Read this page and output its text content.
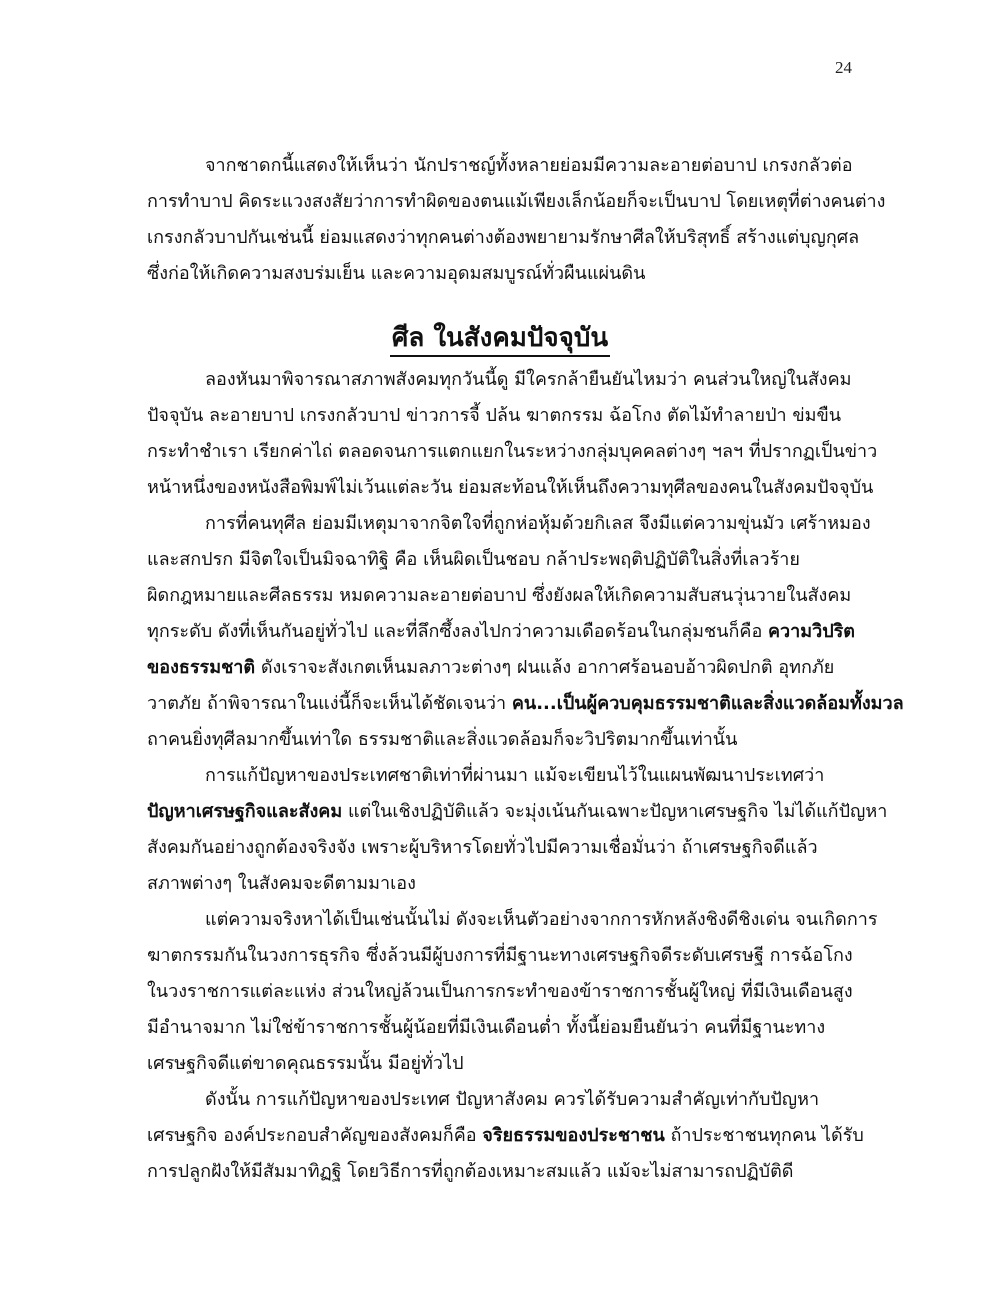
24
จากชาดกนี้แสดงให้เห็นว่า นักปราชญ์ทั้งหลายย่อมมีความละอายต่อบาป เกรงกลัวต่อ
การทำบาป คิดระแวงสงสัยว่าการทำผิดของตนแม้เพียงเล็กน้อยก็จะเป็นบาป โดยเหตุที่ต่างคนต่าง
เกรงกลัวบาปกันเช่นนี้ ย่อมแสดงว่าทุกคนต่างต้องพยายามรักษาศีลให้บริสุทธิ์ สร้างแต่บุญกุศล
ซึ่งก่อให้เกิดความสงบร่มเย็น และความอุดมสมบูรณ์ทั่วผืนแผ่นดิน
ศีล ในสังคมปัจจุบัน
ลองหันมาพิจารณาสภาพสังคมทุกวันนี้ดู มีใครกล้ายืนยันไหมว่า คนส่วนใหญ่ในสังคม
ปัจจุบัน ละอายบาป เกรงกลัวบาป ข่าวการจี้ ปล้น ฆาตกรรม ฉ้อโกง ตัดไม้ทำลายป่า ข่มขืน
กระทำชำเรา เรียกค่าไถ่ ตลอดจนการแตกแยกในระหว่างกลุ่มบุคคลต่างๆ ฯลฯ ที่ปรากฏเป็นข่าว
หน้าหนึ่งของหนังสือพิมพ์ไม่เว้นแต่ละวัน ย่อมสะท้อนให้เห็นถึงความทุศีลของคนในสังคมปัจจุบัน
การที่คนทุศีล ย่อมมีเหตุมาจากจิตใจที่ถูกห่อหุ้มด้วยกิเลส จึงมีแต่ความขุ่นมัว เศร้าหมอง
และสกปรก มีจิตใจเป็นมิจฉาทิฐิ คือ เห็นผิดเป็นชอบ กล้าประพฤติปฏิบัติในสิ่งที่เลวร้าย
ผิดกฎหมายและศีลธรรม หมดความละอายต่อบาป ซึ่งยังผลให้เกิดความสับสนวุ่นวายในสังคม
ทุกระดับ ดังที่เห็นกันอยู่ทั่วไป และที่ลึกซึ้งลงไปกว่าความเดือดร้อนในกลุ่มชนก็คือ ความวิปริต
ของธรรมชาติ ดังเราจะสังเกตเห็นมลภาวะต่างๆ ฝนแล้ง อากาศร้อนอบอ้าวผิดปกติ อุทกภัย
วาตภัย ถ้าพิจารณาในแง่นี้ก็จะเห็นได้ชัดเจนว่า คน...เป็นผู้ควบคุมธรรมชาติและสิ่งแวดล้อมทั้งมวล
ถาคนยิ่งทุศีลมากขึ้นเท่าใด ธรรมชาติและสิ่งแวดล้อมก็จะวิปริตมากขึ้นเท่านั้น
การแก้ปัญหาของประเทศชาติเท่าที่ผ่านมา แม้จะเขียนไว้ในแผนพัฒนาประเทศว่า
ปัญหาเศรษฐกิจและสังคม แต่ในเชิงปฏิบัติแล้ว จะมุ่งเน้นกันเฉพาะปัญหาเศรษฐกิจ ไม่ได้แก้ปัญหา
สังคมกันอย่างถูกต้องจริงจัง เพราะผู้บริหารโดยทั่วไปมีความเชื่อมั่นว่า ถ้าเศรษฐกิจดีแล้ว
สภาพต่างๆ ในสังคมจะดีตามมาเอง
แต่ความจริงหาได้เป็นเช่นนั้นไม่ ดังจะเห็นตัวอย่างจากการหักหลังชิงดีชิงเด่น จนเกิดการ
ฆาตกรรมกันในวงการธุรกิจ ซึ่งล้วนมีผู้บงการที่มีฐานะทางเศรษฐกิจดีระดับเศรษฐี การฉ้อโกง
ในวงราชการแต่ละแห่ง ส่วนใหญ่ล้วนเป็นการกระทำของข้าราชการชั้นผู้ใหญ่ ที่มีเงินเดือนสูง
มีอำนาจมาก ไม่ใช่ข้าราชการชั้นผู้น้อยที่มีเงินเดือนต่ำ ทั้งนี้ย่อมยืนยันว่า คนที่มีฐานะทาง
เศรษฐกิจดีแต่ขาดคุณธรรมนั้น มีอยู่ทั่วไป
ดังนั้น การแก้ปัญหาของประเทศ ปัญหาสังคม ควรได้รับความสำคัญเท่ากับปัญหา
เศรษฐกิจ องค์ประกอบสำคัญของสังคมก็คือ จริยธรรมของประชาชน ถ้าประชาชนทุกคน ได้รับ
การปลูกฝังให้มีสัมมาทิฏฐิ โดยวิธีการที่ถูกต้องเหมาะสมแล้ว แม้จะไม่สามารถปฏิบัติดี
